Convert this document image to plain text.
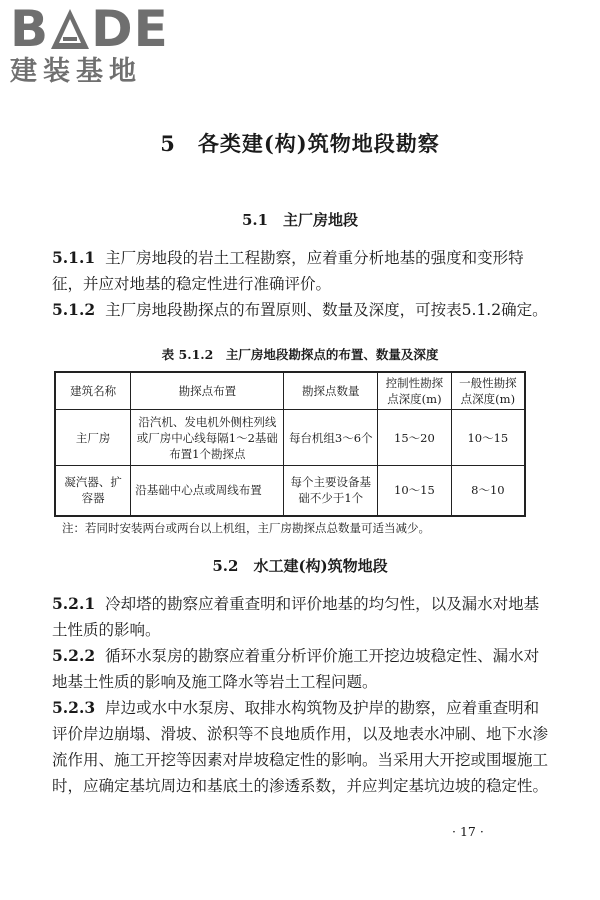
B DE
建装基地
5　各类建(构)筑物地段勘察
5.1　主厂房地段

5.1.1 主厂房地段的岩土工程勘察，应着重分析地基的强度和变形特征，并应对地基的稳定性进行准确评价。

5.1.2 主厂房地段勘探点的布置原则、数量及深度，可按表5.1.2确定。

表 5.1.2　主厂房地段勘探点的布置、数量及深度
建筑名称	勘探点布置	勘探点数量	控制性勘探点深度(m)	一般性勘探点深度(m)
主厂房	沿汽机、发电机外侧柱列线或厂房中心线每隔1～2基础布置1个勘探点	每台机组3～6个	15～20	10～15
凝汽器、扩容器	沿基础中心点或周线布置	每个主要设备基础不少于1个	10～15	8～10
注：若同时安装两台或两台以上机组，主厂房勘探点总数量可适当减少。
5.2　水工建(构)筑物地段

5.2.1 冷却塔的勘察应着重查明和评价地基的均匀性，以及漏水对地基土性质的影响。

5.2.2 循环水泵房的勘察应着重分析评价施工开挖边坡稳定性、漏水对地基土性质的影响及施工降水等岩土工程问题。

5.2.3 岸边或水中水泵房、取排水构筑物及护岸的勘察，应着重查明和评价岸边崩塌、滑坡、淤积等不良地质作用，以及地表水冲刷、地下水渗流作用、施工开挖等因素对岸坡稳定性的影响。当采用大开挖或围堰施工时，应确定基坑周边和基底土的渗透系数，并应判定基坑边坡的稳定性。

· 17 ·
